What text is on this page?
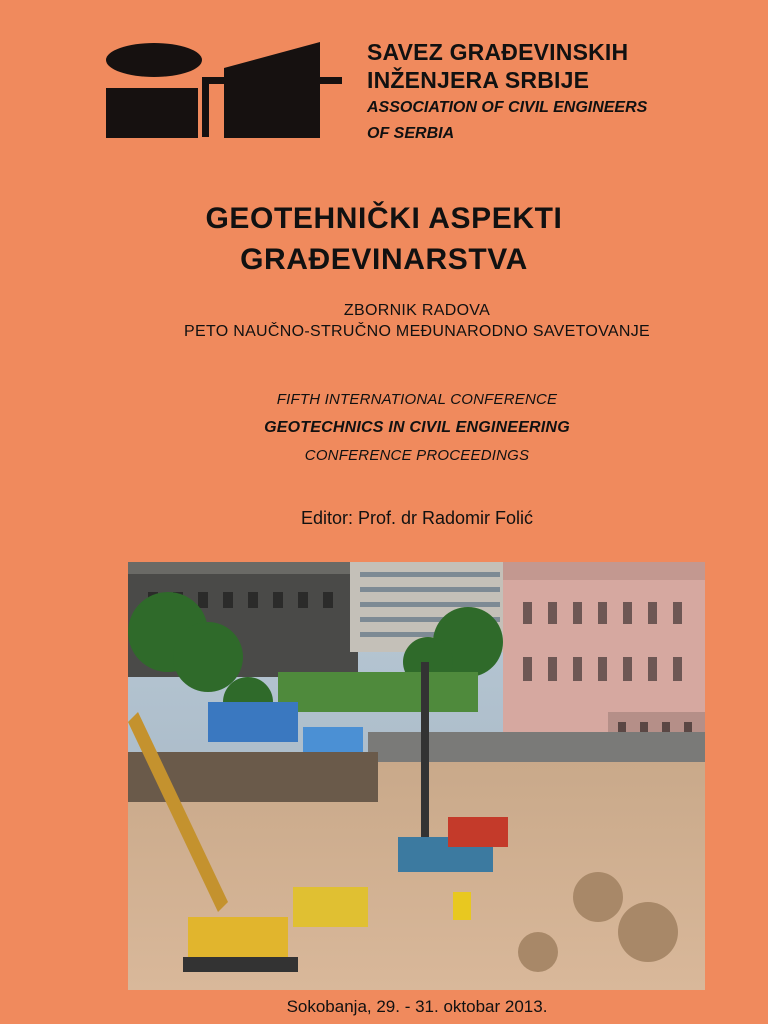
SAVEZ GRAĐEVINSKIH
INŽENJERA SRBIJE
ASSOCIATION OF CIVIL ENGINEERS
OF SERBIA
GEOTEHNIČKI ASPEKTI
GRAĐEVINARSTVA
ZBORNIK RADOVA
PETO NAUČNO-STRUČNO MEĐUNARODNO SAVETOVANJE
FIFTH INTERNATIONAL CONFERENCE
GEOTECHNICS IN CIVIL ENGINEERING
CONFERENCE PROCEEDINGS
Editor: Prof. dr Radomir Folić
Sokobanja, 29. - 31. oktobar 2013.
